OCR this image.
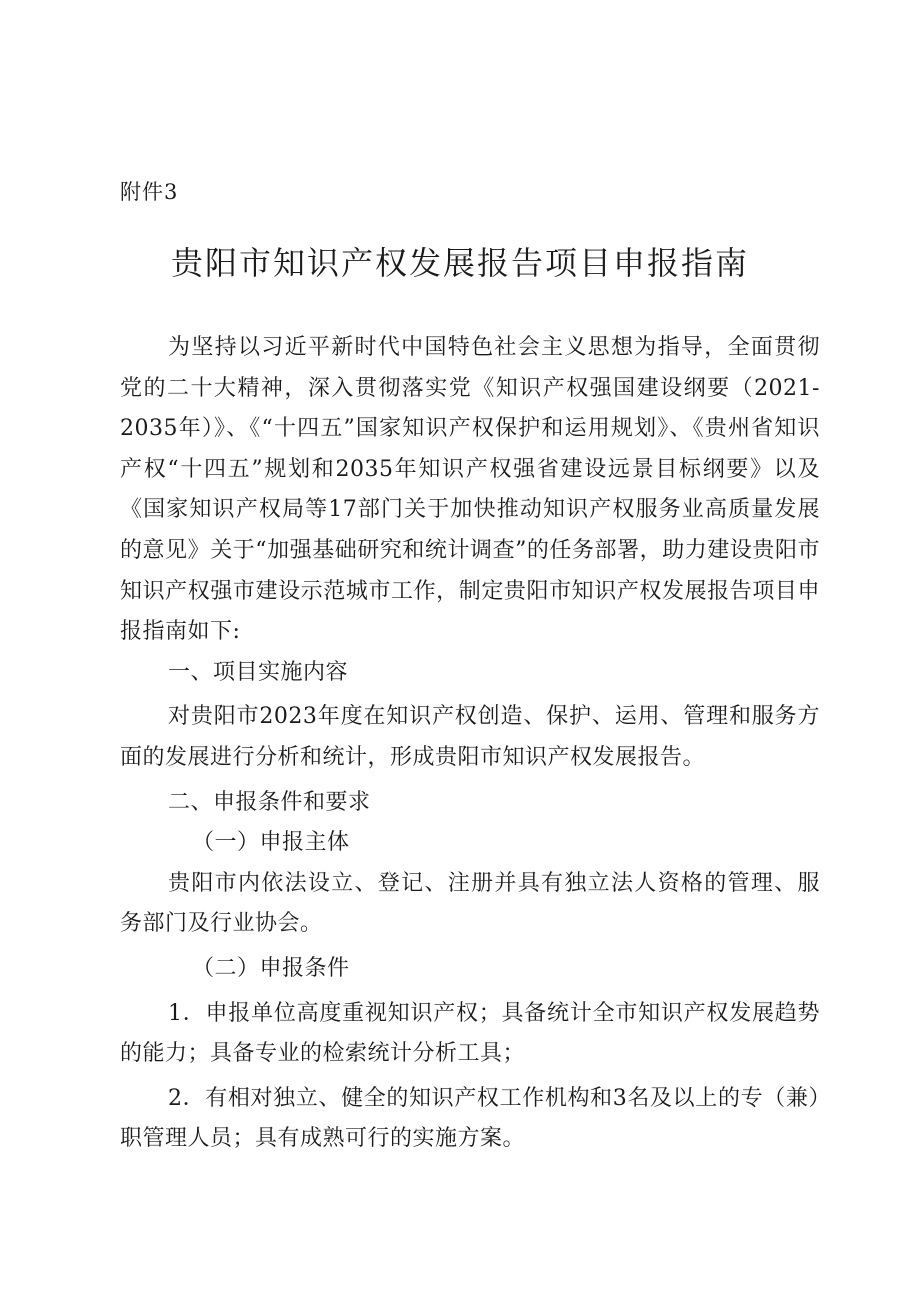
附件3
贵阳市知识产权发展报告项目申报指南

为坚持以习近平新时代中国特色社会主义思想为指导，全面贯彻党的二十大精神，深入贯彻落实党《知识产权强国建设纲要（2021-2035年）》、《“十四五”国家知识产权保护和运用规划》、《贵州省知识产权“十四五”规划和2035年知识产权强省建设远景目标纲要》以及《国家知识产权局等17部门关于加快推动知识产权服务业高质量发展的意见》关于“加强基础研究和统计调查”的任务部署，助力建设贵阳市知识产权强市建设示范城市工作，制定贵阳市知识产权发展报告项目申报指南如下:

一、项目实施内容

对贵阳市2023年度在知识产权创造、保护、运用、管理和服务方面的发展进行分析和统计，形成贵阳市知识产权发展报告。

二、申报条件和要求

（一）申报主体

贵阳市内依法设立、登记、注册并具有独立法人资格的管理、服务部门及行业协会。

（二）申报条件

1．申报单位高度重视知识产权；具备统计全市知识产权发展趋势的能力；具备专业的检索统计分析工具；

2．有相对独立、健全的知识产权工作机构和3名及以上的专（兼）职管理人员；具有成熟可行的实施方案。
